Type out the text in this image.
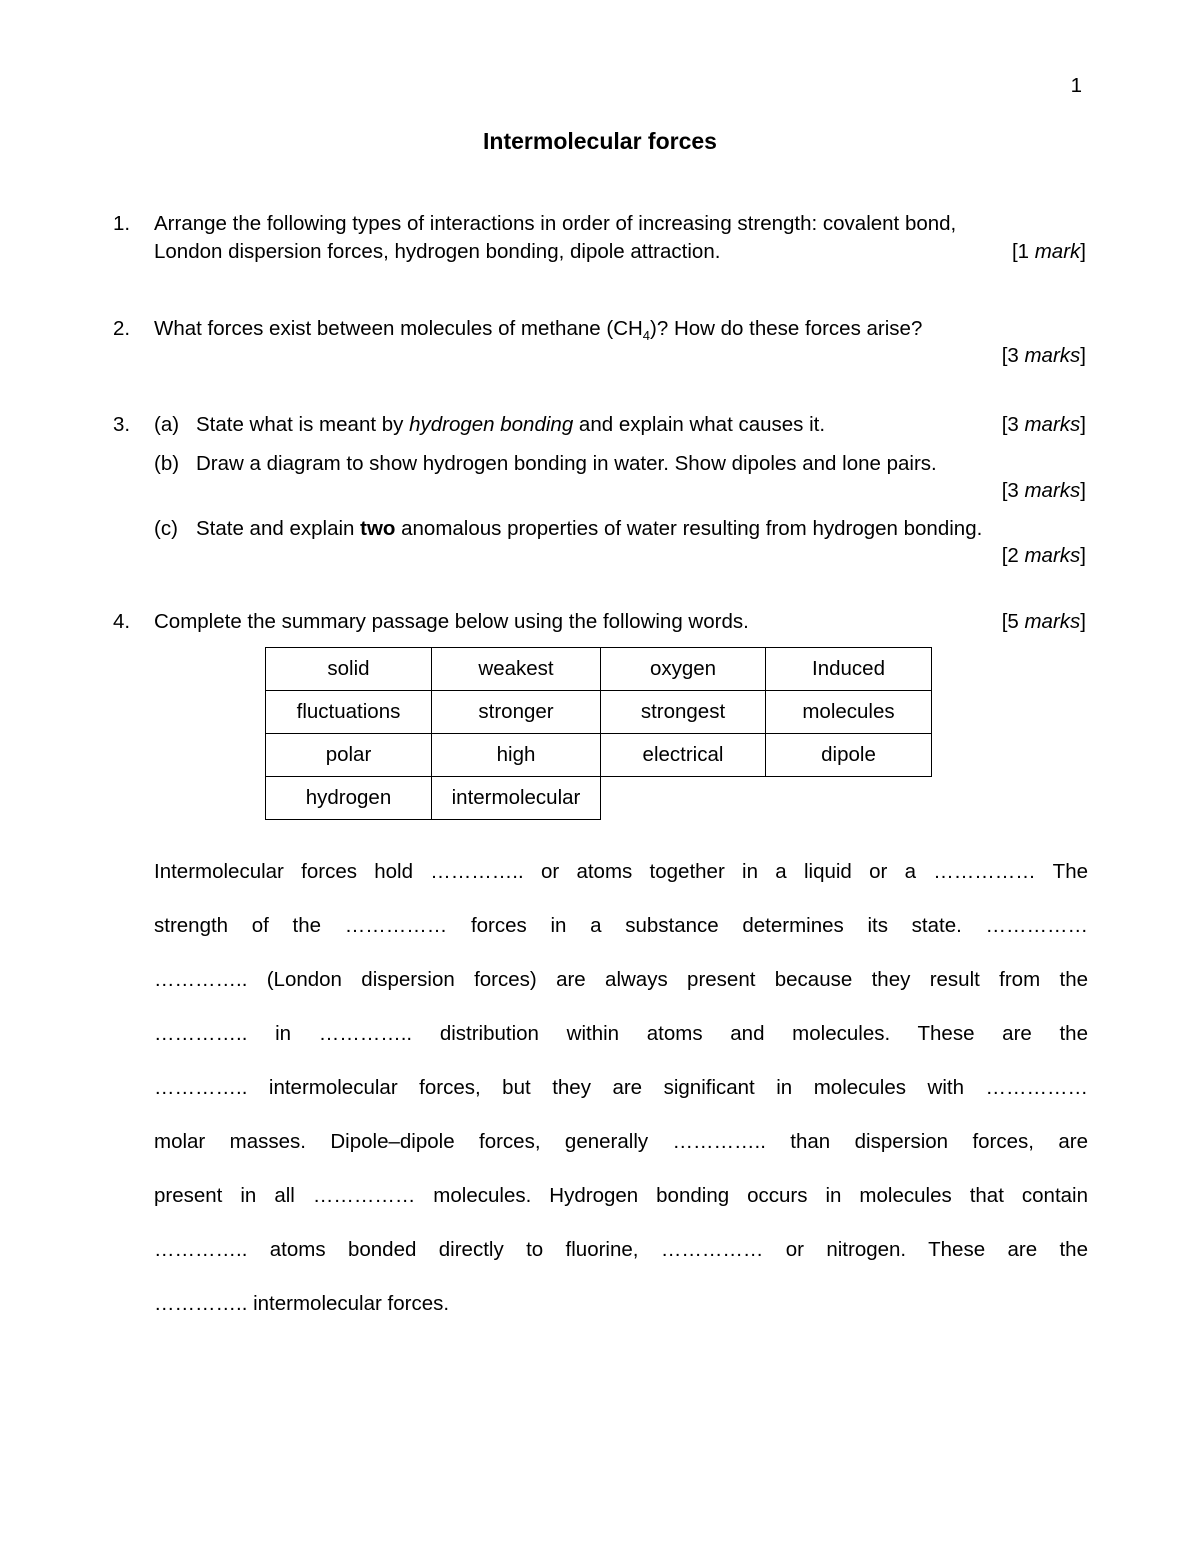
1
Intermolecular forces
1. Arrange the following types of interactions in order of increasing strength: covalent bond,
London dispersion forces, hydrogen bonding, dipole attraction.	[1 mark]
2. What forces exist between molecules of methane $(CH_4)$? How do these forces arise?
[3 marks]
3. (a) State what is meant by hydrogen bonding and explain what causes it.	[3 marks]
(b) Draw a diagram to show hydrogen bonding in water. Show dipoles and lone pairs.
[3 marks]
(c) State and explain two anomalous properties of water resulting from hydrogen bonding.
[2 marks]
4. Complete the summary passage below using the following words.	[5 marks]
solid	weakest	oxygen	Induced
fluctuations	stronger	strongest	molecules
polar	high	electrical	dipole
hydrogen	intermolecular		
Intermolecular forces hold ………….. or atoms together in a liquid or a …………… The
strength of the …………… forces in a substance determines its state. ……………
………….. (London dispersion forces) are always present because they result from the
………….. in ………….. distribution within atoms and molecules. These are the
………….. intermolecular forces, but they are significant in molecules with ……………
molar masses. Dipole–dipole forces, generally ………….. than dispersion forces, are
present in all …………… molecules. Hydrogen bonding occurs in molecules that contain
………….. atoms bonded directly to fluorine, …………… or nitrogen. These are the
………….. intermolecular forces.
